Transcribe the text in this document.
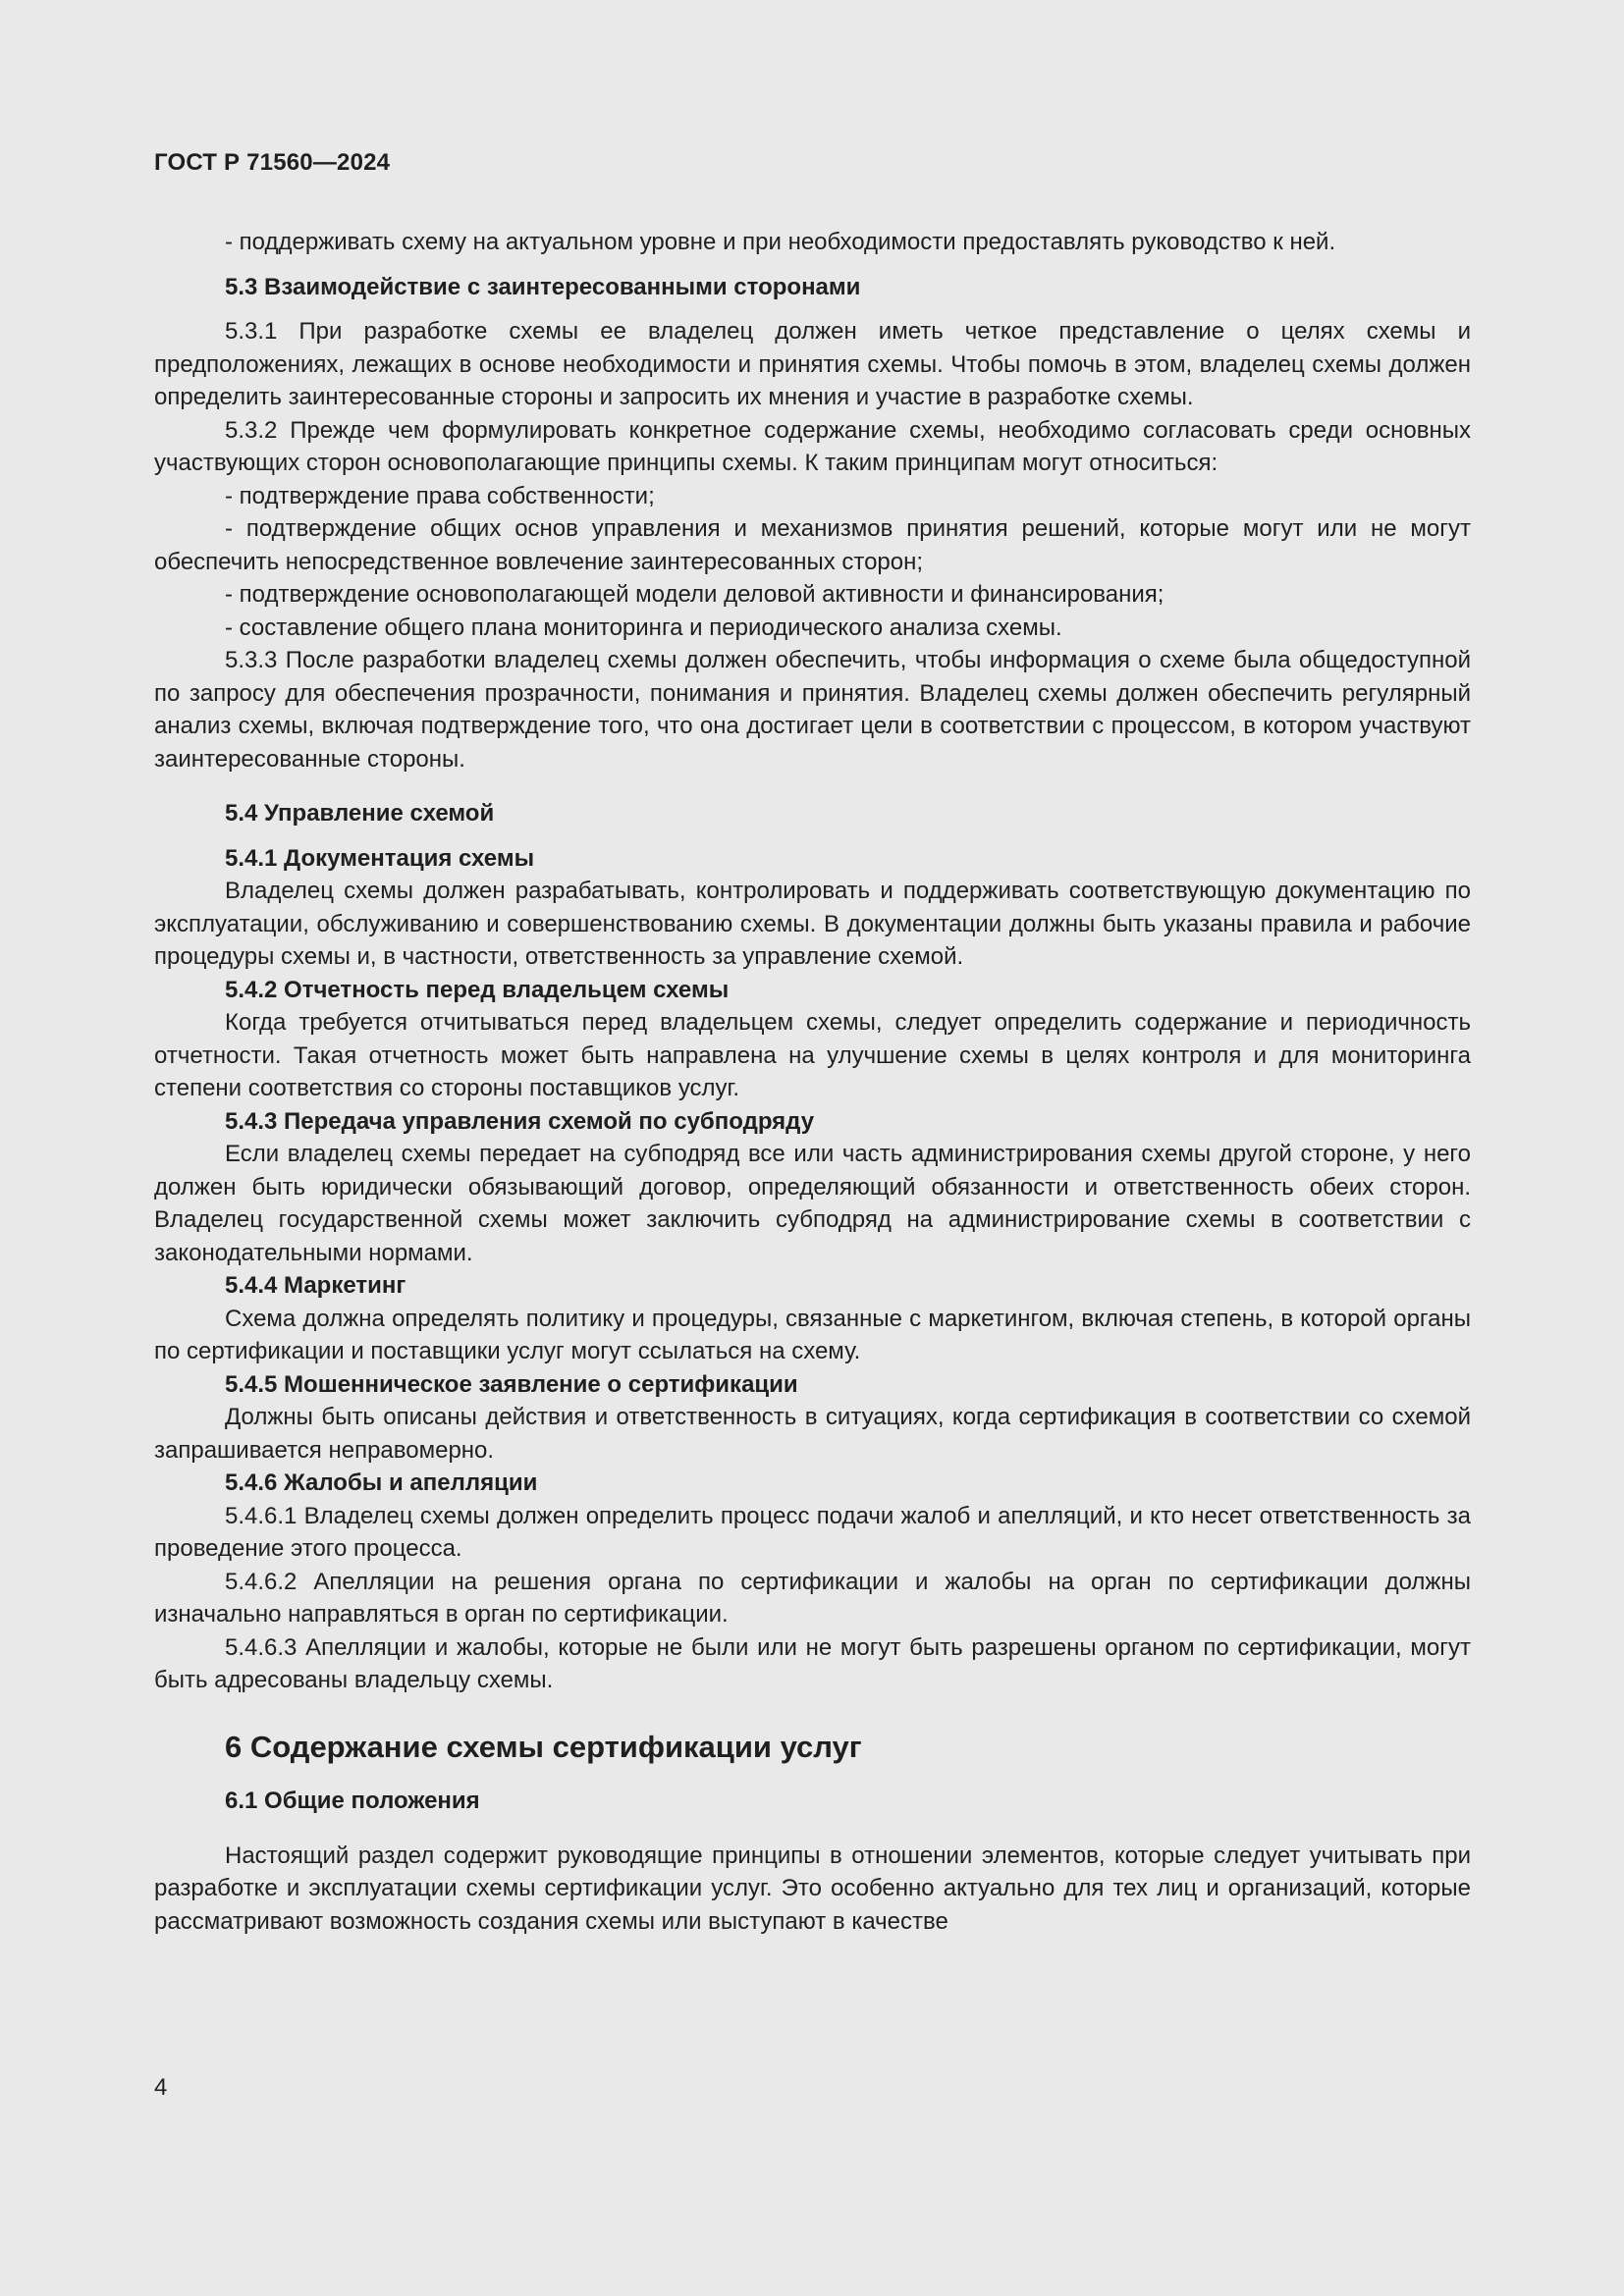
ГОСТ Р 71560—2024

- поддерживать схему на актуальном уровне и при необходимости предоставлять руководство к ней.

5.3 Взаимодействие с заинтересованными сторонами

5.3.1 При разработке схемы ее владелец должен иметь четкое представление о целях схемы и предположениях, лежащих в основе необходимости и принятия схемы. Чтобы помочь в этом, владелец схемы должен определить заинтересованные стороны и запросить их мнения и участие в разработке схемы.

5.3.2 Прежде чем формулировать конкретное содержание схемы, необходимо согласовать среди основных участвующих сторон основополагающие принципы схемы. К таким принципам могут относиться:

- подтверждение права собственности;

- подтверждение общих основ управления и механизмов принятия решений, которые могут или не могут обеспечить непосредственное вовлечение заинтересованных сторон;

- подтверждение основополагающей модели деловой активности и финансирования;

- составление общего плана мониторинга и периодического анализа схемы.

5.3.3 После разработки владелец схемы должен обеспечить, чтобы информация о схеме была общедоступной по запросу для обеспечения прозрачности, понимания и принятия. Владелец схемы должен обеспечить регулярный анализ схемы, включая подтверждение того, что она достигает цели в соответствии с процессом, в котором участвуют заинтересованные стороны.

5.4 Управление схемой

5.4.1 Документация схемы

Владелец схемы должен разрабатывать, контролировать и поддерживать соответствующую документацию по эксплуатации, обслуживанию и совершенствованию схемы. В документации должны быть указаны правила и рабочие процедуры схемы и, в частности, ответственность за управление схемой.

5.4.2 Отчетность перед владельцем схемы

Когда требуется отчитываться перед владельцем схемы, следует определить содержание и периодичность отчетности. Такая отчетность может быть направлена на улучшение схемы в целях контроля и для мониторинга степени соответствия со стороны поставщиков услуг.

5.4.3 Передача управления схемой по субподряду

Если владелец схемы передает на субподряд все или часть администрирования схемы другой стороне, у него должен быть юридически обязывающий договор, определяющий обязанности и ответственность обеих сторон. Владелец государственной схемы может заключить субподряд на администрирование схемы в соответствии с законодательными нормами.

5.4.4 Маркетинг

Схема должна определять политику и процедуры, связанные с маркетингом, включая степень, в которой органы по сертификации и поставщики услуг могут ссылаться на схему.

5.4.5 Мошенническое заявление о сертификации

Должны быть описаны действия и ответственность в ситуациях, когда сертификация в соответствии со схемой запрашивается неправомерно.

5.4.6 Жалобы и апелляции

5.4.6.1 Владелец схемы должен определить процесс подачи жалоб и апелляций, и кто несет ответственность за проведение этого процесса.

5.4.6.2 Апелляции на решения органа по сертификации и жалобы на орган по сертификации должны изначально направляться в орган по сертификации.

5.4.6.3 Апелляции и жалобы, которые не были или не могут быть разрешены органом по сертификации, могут быть адресованы владельцу схемы.

6 Содержание схемы сертификации услуг

6.1 Общие положения

Настоящий раздел содержит руководящие принципы в отношении элементов, которые следует учитывать при разработке и эксплуатации схемы сертификации услуг. Это особенно актуально для тех лиц и организаций, которые рассматривают возможность создания схемы или выступают в качестве

4
